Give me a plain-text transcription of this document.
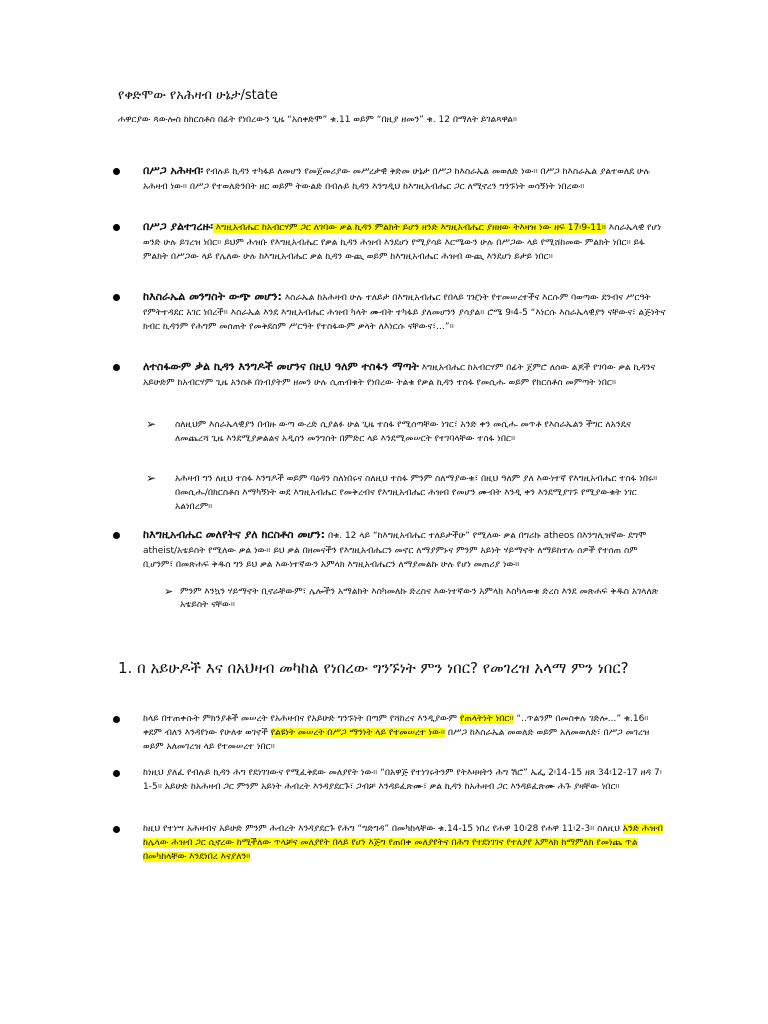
የቀድሞው የአሕዛብ ሁኔታ/state
ሐዋርያው ጳውሎስ ከክርስቶስ በፊት የነበረውን ጊዜ “አስቀድሞ” ቁ.11 ወይም “በዚያ ዘመን” ቁ. 12 በማለት ይገልጻዋል።
በሥጋ አሕዛብ፡ የብሉይ ኪዳን ተካፋይ ለመሆን የመጀመሪያው መሥረታዊ ቅድመ ሁኔታ በሥጋ ከእስራኤል መወለድ ነው። በሥጋ ከእስራኤል ያልተወለደ ሁሉ አሕዛብ ነው። በሥጋ የተወለድንበት ዘር ወይም ትውልድ በብሉይ ኪዳን እንግዲህ ከእግዚአብሔር ጋር ለሚኖረን ግንኙነት ወሳኝነት ነበረው።
በሥጋ ያልተገረዙ፡ እግዚአብሔር ከአብርሃም ጋር ለገባው ቃል ኪዳን ምልክት ይሆን ዘንድ እግዚአብሔር ያዘዘው ትእዛዝ ነው ዘፍ 17፡9-11። እስራኤላዊ የሆነ ወንድ ሁሉ ይገረዝ ነበር። ይህም ሕዝቡ የእግዚአብሔር የቃል ኪዳን ሕዝብ እንደሆነ የሚያሳይ እርሜውን ሁሉ በሥጋው ላይ የሚሸከመው ምልክት ነበር። ይፋ ምልክት በሥጋው ላይ የሌለው ሁሉ ከእግዚአብሔር ቃል ኪዳን ውጪ ወይም ከእግዚአብሔር ሕዝብ ውጪ እንደሆነ ይታይ ነበር።
ከእስራኤል መንግስት ውጭ መሆን: እስራኤል ከአሕዛብ ሁሉ ተለይታ በእግዚአብሔር የበላይ ገዢነት የተመሠረተችና እርሱም ባወጣው ደንብና ሥርዓት የምትተዳደር አገር ነበረች። እስራኤል እንደ እግዚአብሔር ሕዝብ ካላት ሙብት ተካፋይ ያለመሆንን ያሳያል። ሮሜ 9፡4-5 “እነርሱ እስራኤላዊያን ናቸውና፣ ልጅነትና ክብር ኪዳንም የሕግም መሰጠት የመቅደስም ሥርዓት የተስፋውም ቃላት ለእነርሱ ናቸውና፣…”።
ለተስፋውም ቃል ኪዳን እንግዶች መሆንና በዚህ ዓለም ተስፋን ማጣት እግዚአብሔር ከአብርሃም በፊት ጀምሮ ለሰው ልጆች የገባው ቃል ኪዳንና አይሁድም ከአብርሃም ጊዜ አንስቶ በነብያትም ዘመን ሁሉ ሲጠብቁት የነበረው ትልቁ የቃል ኪዳን ተስፋ የመሲሑ ወይም የክርስቶስ መምጣት ነበር።
➢ ስለዚህም እስራኤላዊያን በብዙ ውጣ ውረድ ሲያልፉ ሁል ጊዜ ተስፋ የሚሰጣቸው ነገር፣ አንድ ቀን መሲሑ መጥቶ የእስራኤልን ችግር ለአንዴና ለመጨረሻ ጊዜ እንደሚያቃልልና አዲስን መንግስት በምድር ላይ እንደሚመሠርት የተገባላቸው ተስፋ ነበር።
➢ አሕዛብ ግን ለዚህ ተስፋ እንግዶች ወይም ባዕዳን ስለነበሩና ስለዚህ ተስፋ ምንም ስለማያውቁ፣ በዚህ ዓለም ያለ እውነተኛ የእግዚአብሔር ተስፋ ነበሩ። በመሲሑ/በክርስቶስ እማካኝነት ወደ እግዚአብሔር የመቅረብና የእግዚአብሔር ሕዝብ የመሆን ሙብት እንዲ ቀን እንደሚያገኙ የሚያውቁት ነገር አልነበረም።
ከእግዚአብሔር መለየትና ያለ ክርስቶስ መሆን: በቁ. 12 ላይ “ከእግዚአብሔር ተለይታችሁ” የሚለው ቃል በግሪኩ atheos በእንግሊዝኛው ደግሞ atheist/አቴይስት የሚለው ቃል ነው። ይህ ቃል በዘመናችን የእግዚአብሔርን መኖር ለማያምኑና ምንም አይነት ሃይማኖት ለማይከተሉ ሰዎች የተሰጠ ስም ቢሆንም፣ በመጽሐፍ ቅዱስ ግን ይህ ቃል እውነተኛውን አምላክ እግዚአብሔርን ለማያመልኩ ሁሉ የሆነ መጠሪያ ነው።
➢ ምንም እንኳን ሃይማኖት ቢኖራቸውም፣ ሌሎችን አማልክት እስካመለኩ ድረስና እውነተኛውን አምላክ እስካላወቁ ድረስ እንደ መጽሐፍ ቅዱስ አገላለጽ አቴይስት ናቸው።
1. በ አይሁዶች እና በአህዛብ መካከል የነበረው ግንኙነት ምን ነበር? የመገረዝ አላማ ምን ነበር?
ከላይ በተጠቀሱት ምክንያቶች መሠረት የአሕዛብና የአይሁድ ግንኙነት በጣም የሻከረና እንዲያውም የጠላትነት ነበር። “..ጥልንም በመስቀሉ ገድሎ...” ቁ.16። ቀደም ብለን እንዳየነው የሁለቱ ወገኖች የልዩነት መሠረት በሥጋ ማንነት ላይ የተመሠረተ ነው። በሥጋ ከእስራኤል መወለድ ወይም አለመወለድ፣ በሥጋ መገረዝ ወይም አለመገረዝ ላይ የተመሠረተ ነበር።
ከነዚህ ያለፈ የብሉይ ኪዳን ሕግ የደነገገውና የሚፈቅደው መለያየት ነው። “በአዋጅ የተነገሩትንም የትእዛዛትን ሕግ ሽሮ” ኤፌ 2፡14-15 ዘጸ 34፡12-17 ዘዳ 7፡1-5። አይሁድ ከአሕዛብ ጋር ምንም አይነት ሕብረት እንዳያደርጉ፣ ጋብቻ እንዳይፈጽሙ፣ ቃል ኪዳን ከአሕዛብ ጋር እንዳይፈጽሙ ሕጉ ያዛቸው ነበር።
ከዚህ የተነሣ አሕዛብና አይሁድ ምንም ሕብረት እንዳያደርጉ የሕግ “ግድግዳ” በመካከላቸው ቁ.14-15 ነበረ የሐዋ 10፡28 የሐዋ 11፡2-3። ስለዚህ አንድ ሕዝብ ከሌላው ሕዝብ ጋር ሲኖረው ከሚችለው ጥላቻና መለያየት በላይ የሆነ እጅግ የጠበቀ መለያየትና በሕግ የተደነገገና የተለያየ አምላክ ከማምለክ የመነጨ ጥል በመካከላቸው እንደነበረ እናያለን።
